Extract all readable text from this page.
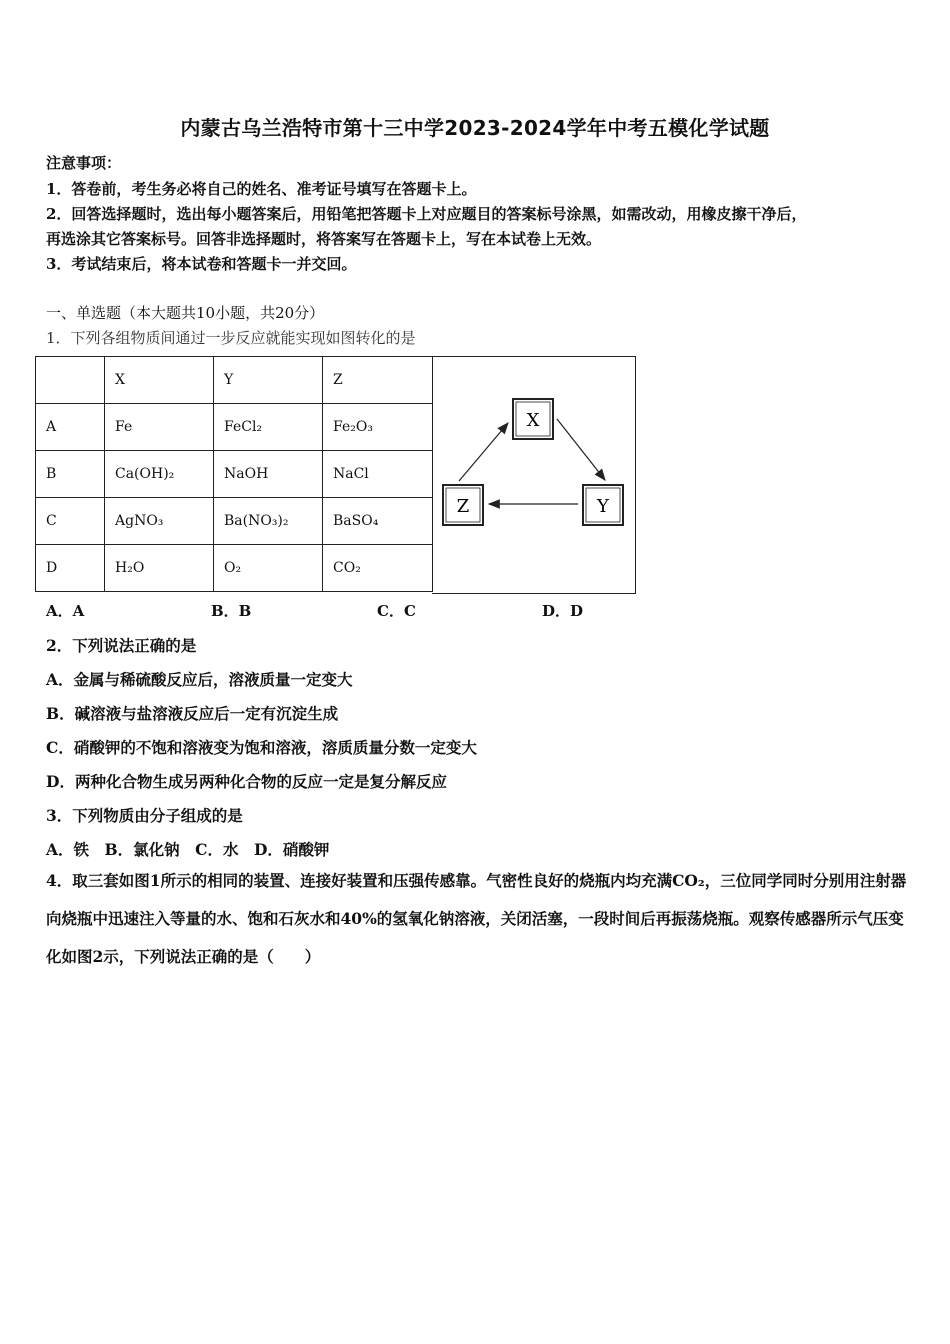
内蒙古乌兰浩特市第十三中学2023-2024学年中考五模化学试题
注意事项：
1．答卷前，考生务必将自己的姓名、准考证号填写在答题卡上。
2．回答选择题时，选出每小题答案后，用铅笔把答题卡上对应题目的答案标号涂黑，如需改动，用橡皮擦干净后，
再选涂其它答案标号。回答非选择题时，将答案写在答题卡上，写在本试卷上无效。
3．考试结束后，将本试卷和答题卡一并交回。
一、单选题（本大题共10小题，共20分）
1．下列各组物质间通过一步反应就能实现如图转化的是
	X	Y	Z
A	Fe	FeCl₂	Fe₂O₃
B	Ca(OH)₂	NaOH	NaCl
C	AgNO₃	Ba(NO₃)₂	BaSO₄
D	H₂O	O₂	CO₂
X
Y
Z
A．A	B．B	C．C	D．D
2．下列说法正确的是
A．金属与稀硫酸反应后，溶液质量一定变大
B．碱溶液与盐溶液反应后一定有沉淀生成
C．硝酸钾的不饱和溶液变为饱和溶液，溶质质量分数一定变大
D．两种化合物生成另两种化合物的反应一定是复分解反应
3．下列物质由分子组成的是
A．铁　B．氯化钠　C．水　D．硝酸钾
4．取三套如图1所示的相同的装置、连接好装置和压强传感靠。气密性良好的烧瓶内均充满CO₂，三位同学同时分别用注射器向烧瓶中迅速注入等量的水、饱和石灰水和40%的氢氧化钠溶液，关闭活塞，一段时间后再振荡烧瓶。观察传感器所示气压变化如图2示，下列说法正确的是（　　）
